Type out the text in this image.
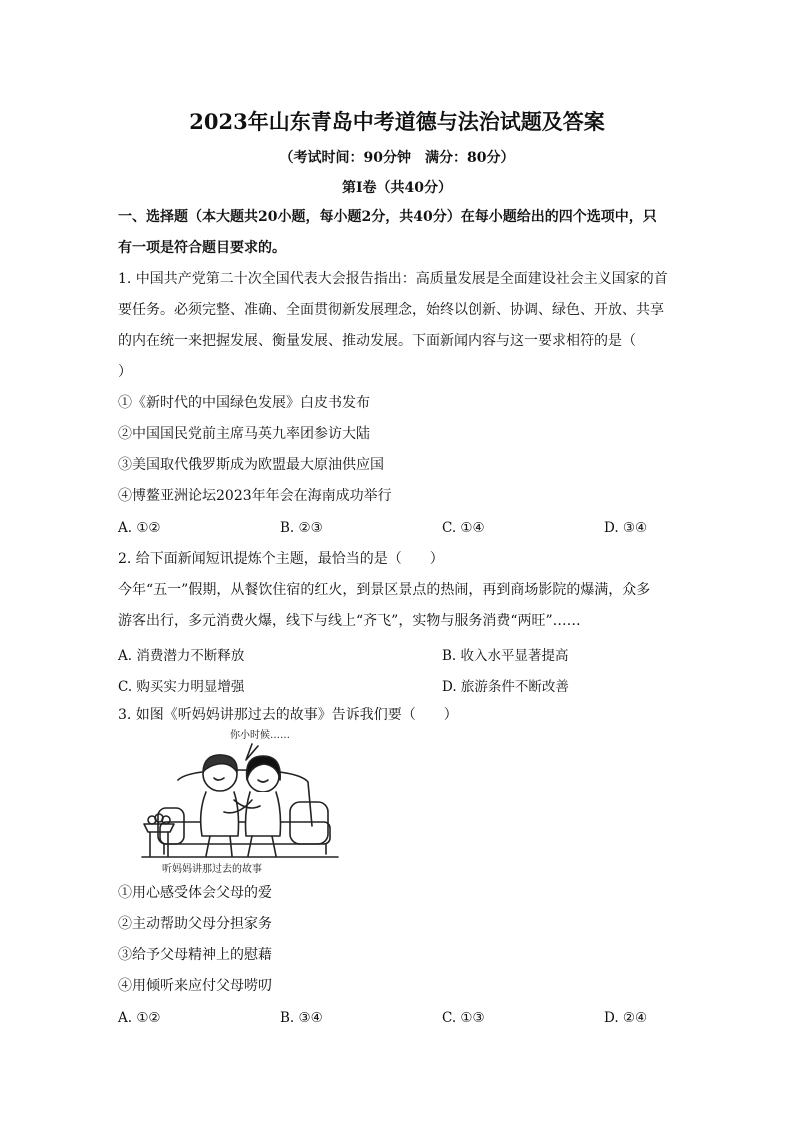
2023年山东青岛中考道德与法治试题及答案
（考试时间：90分钟　满分：80分）
第Ⅰ卷（共40分）
一、选择题（本大题共20小题，每小题2分，共40分）在每小题给出的四个选项中，只
有一项是符合题目要求的。
1. 中国共产党第二十次全国代表大会报告指出：高质量发展是全面建设社会主义国家的首
要任务。必须完整、准确、全面贯彻新发展理念，始终以创新、协调、绿色、开放、共享
的内在统一来把握发展、衡量发展、推动发展。下面新闻内容与这一要求相符的是（
）
①《新时代的中国绿色发展》白皮书发布
②中国国民党前主席马英九率团参访大陆
③美国取代俄罗斯成为欧盟最大原油供应国
④博鳌亚洲论坛2023年年会在海南成功举行
A. ①②	B. ②③	C. ①④	D. ③④
2. 给下面新闻短讯提炼个主题，最恰当的是（　　）
今年“五一”假期，从餐饮住宿的红火，到景区景点的热闹，再到商场影院的爆满，众多
游客出行，多元消费火爆，线下与线上“齐飞”，实物与服务消费“两旺”……
A. 消费潜力不断释放	B. 收入水平显著提高
C. 购买实力明显增强	D. 旅游条件不断改善
3. 如图《听妈妈讲那过去的故事》告诉我们要（　　）
你小时候……
听妈妈讲那过去的故事
①用心感受体会父母的爱
②主动帮助父母分担家务
③给予父母精神上的慰藉
④用倾听来应付父母唠叨
A. ①②	B. ③④	C. ①③	D. ②④
